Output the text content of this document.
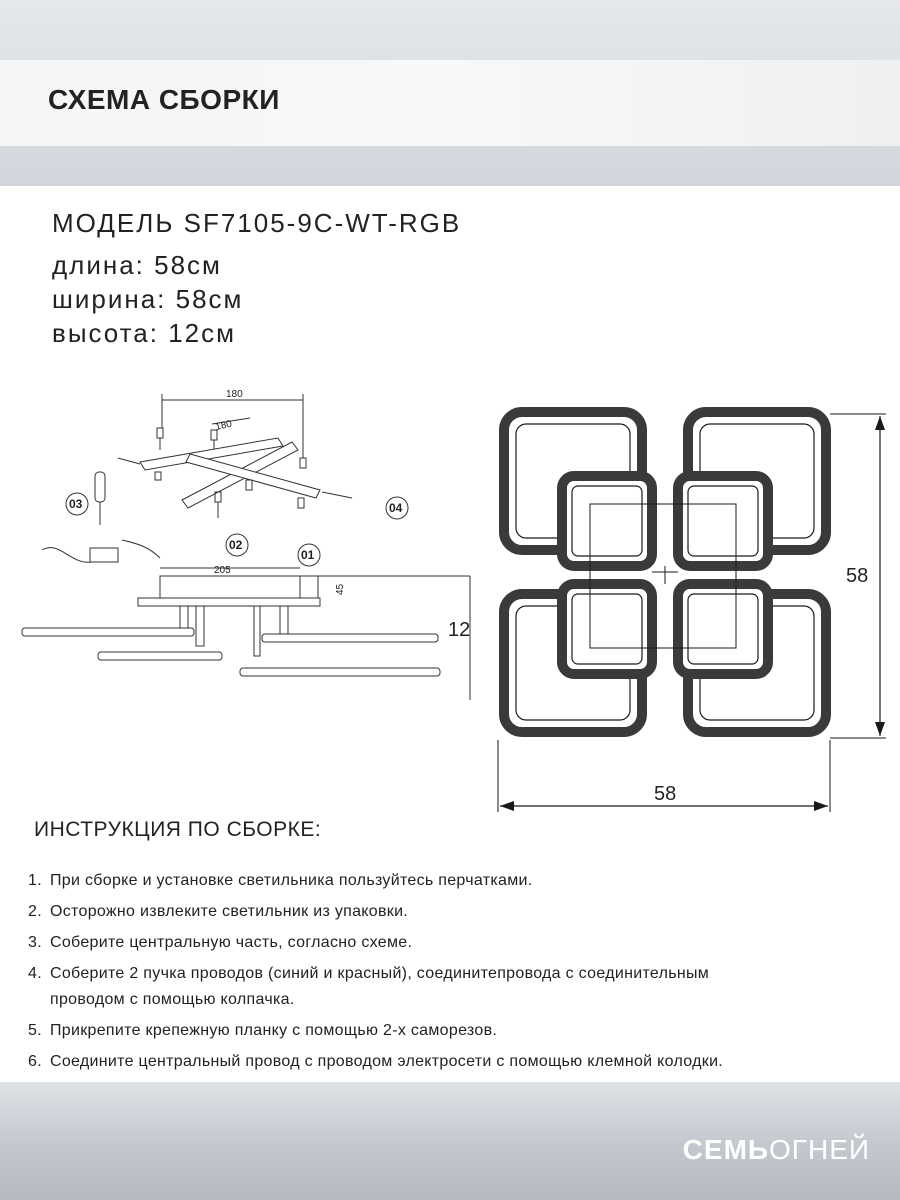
СХЕМА СБОРКИ
МОДЕЛЬ SF7105-9C-WT-RGB
длина: 58см
ширина: 58см
высота: 12см
180
180
205
45
03
02
01
04
12
58
58
ИНСТРУКЦИЯ ПО СБОРКЕ:
1. При сборке и установке светильника пользуйтесь перчатками.
2. Осторожно извлеките светильник из упаковки.
3. Соберите центральную часть, согласно схеме.
4. Соберите 2 пучка проводов (синий и красный), соединитепровода с соединительным
проводом с помощью колпачка.
5. Прикрепите крепежную планку с помощью 2-х саморезов.
6. Соедините центральный провод с проводом электросети с помощью клемной колодки.
СЕМЬОГНЕЙ
